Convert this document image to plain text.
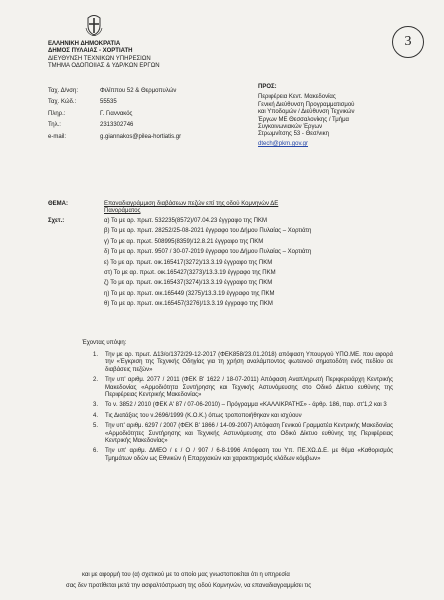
3
ΕΛΛΗΝΙΚΗ ΔΗΜΟΚΡΑΤΙΑ
ΔΗΜΟΣ ΠΥΛΑΙΑΣ - ΧΟΡΤΙΑΤΗ
ΔΙΕΥΘΥΝΣΗ ΤΕΧΝΙΚΩΝ ΥΠΗΡΕΣΙΩΝ
ΤΜΗΜΑ ΟΔΟΠΟΙΙΑΣ & ΥΔΡ/ΚΩΝ ΕΡΓΩΝ
Ταχ. Δ/νση:	Φιλίππου 52 & Θερμοπυλών
Ταχ. Κώδ.:	55535
Πληρ.:	Γ. Γιαννακός
Τηλ.:	2313302746
e-mail:	g.giannakos@pilea-hortiatis.gr
ΠΡΟΣ:
Περιφέρεια Κεντ. Μακεδονίας
Γενική Διεύθυνση Προγραμματισμού
και Υποδομών / Διεύθυνση Τεχνικών
Έργων ΜΕ Θεσσαλονίκης / Τμήμα
Συγκοινωνιακών Έργων
Στρωμνίτσης 53 - Θεσ/νικη
dtech@pkm.gov.gr
ΘΕΜΑ:	Επαναδιαγράμμιση διαβάσεων πεζών επί της οδού Κομνηνών ΔΕ
Πανοράματος
Σχετ.:	α) Το με αρ. πρωτ. 532235(8572)/07.04.23 έγγραφο της ΠΚΜ
β) Το με αρ. πρωτ. 28252/25-08-2021 έγγραφο του Δήμου Πυλαίας – Χορτιάτη
γ) Το με αρ. πρωτ. 508995(8359)/12.8.21 έγγραφο της ΠΚΜ
δ) Το με αρ. πρωτ. 9507 / 30-07-2019 έγγραφο του Δήμου Πυλαίας – Χορτιάτη
ε) Το με αρ. πρωτ. οικ.165417(3272)/13.3.19 έγγραφο της ΠΚΜ
στ) Το με αρ. πρωτ. οικ.165427(3273)/13.3.19 έγγραφο της ΠΚΜ
ζ) Το με αρ. πρωτ. οικ.165437(3274)/13.3.19 έγγραφο της ΠΚΜ
η) Το με αρ. πρωτ. οικ.165449 (3275)/13.3.19 έγγραφο της ΠΚΜ
θ) Το με αρ. πρωτ. οικ.165457(3276)/13.3.19 έγγραφο της ΠΚΜ
Έχοντας υπόψη:

1.	Την με αρ. πρωτ. Δ13/ο/1372/29-12-2017 (ΦΕΚ858/23.01.2018) απόφαση Υπουργού ΥΠΟ.ΜΕ. που αφορά την «Έγκριση της Τεχνικής Οδηγίας για τη χρήση αναλάμποντος φωτεινού σηματοδότη ενός πεδίου σε διαβάσεις πεζών»

2.	Την υπ' αριθμ. 2077 / 2011 (ΦΕΚ Β' 1622 / 18-07-2011) Απόφαση Αναπληρωτή Περιφερειάρχη Κεντρικής Μακεδονίας «Αρμοδιότητα Συντήρησης και Τεχνικής Αστυνόμευσης στο Οδικό Δίκτυο ευθύνης της Περιφέρειας Κεντρικής Μακεδονίας»

3.	Το ν. 3852 / 2010 (ΦΕΚ Α' 87 / 07-06-2010) – Πρόγραμμα «ΚΑΛΛΙΚΡΑΤΗΣ» - άρθρ. 186, παρ. στ'1,2 και 3

4.	Τις Διατάξεις του ν.2696/1999 (Κ.Ο.Κ.) όπως τροποποιήθηκαν και ισχύουν

5.	Την υπ' αριθμ. 6297 / 2007 (ΦΕΚ Β' 1866 / 14-09-2007) Απόφαση Γενικού Γραμματέα Κεντρικής Μακεδονίας «Αρμοδιότητες Συντήρησης και Τεχνικής Αστυνόμευσης στο Οδικό Δίκτυο ευθύνης της Περιφέρειας Κεντρικής Μακεδονίας»

6.	Την υπ' αριθμ. ΔΜΕΟ / ε / Ο / 907 / 6-8-1996 Απόφαση του Υπ. ΠΕ.ΧΩ.Δ.Ε. με θέμα «Καθορισμός Τμημάτων οδών ως Εθνικών ή Επαρχιακών και χαρακτηρισμός κλάδων κόμβων»

και με αφορμή του (α) σχετικού με το οποίο μας γνωστοποιείται ότι η υπηρεσία
σας δεν προτίθεται μετά την ασφαλτόστρωση της οδού Κομνηνών, να επαναδιαγραμμίσει τις
